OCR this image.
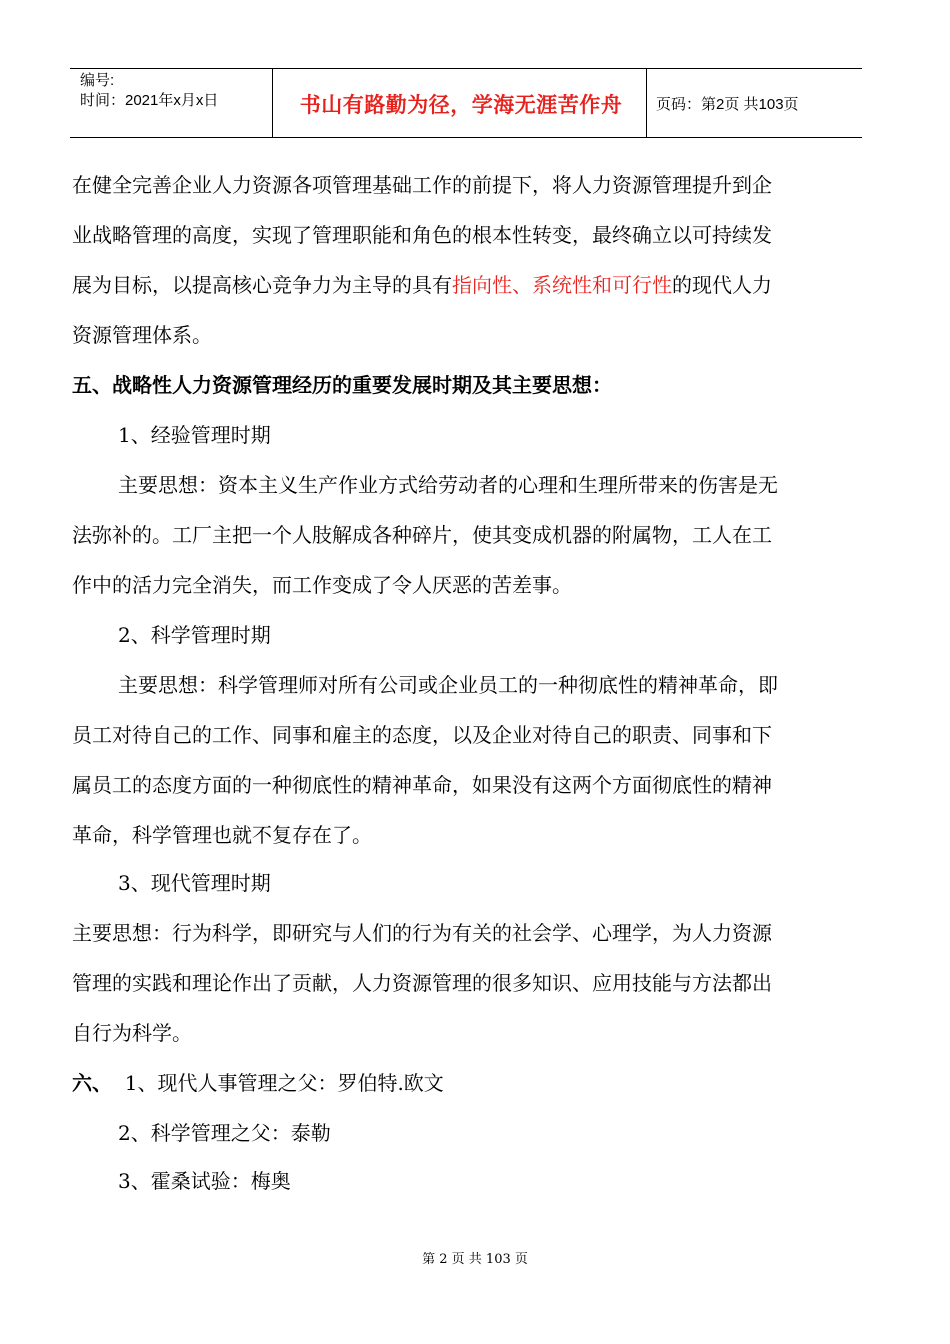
编号:
时间：2021年x月x日	书山有路勤为径，学海无涯苦作舟	页码：第2页 共103页
在健全完善企业人力资源各项管理基础工作的前提下，将人力资源管理提升到企
业战略管理的高度，实现了管理职能和角色的根本性转变，最终确立以可持续发
展为目标，以提高核心竞争力为主导的具有指向性、系统性和可行性的现代人力
资源管理体系。
五、战略性人力资源管理经历的重要发展时期及其主要思想：
1、经验管理时期
主要思想：资本主义生产作业方式给劳动者的心理和生理所带来的伤害是无
法弥补的。工厂主把一个人肢解成各种碎片，使其变成机器的附属物，工人在工
作中的活力完全消失，而工作变成了令人厌恶的苦差事。
2、科学管理时期
主要思想：科学管理师对所有公司或企业员工的一种彻底性的精神革命，即
员工对待自己的工作、同事和雇主的态度，以及企业对待自己的职责、同事和下
属员工的态度方面的一种彻底性的精神革命，如果没有这两个方面彻底性的精神
革命，科学管理也就不复存在了。
3、现代管理时期
主要思想：行为科学，即研究与人们的行为有关的社会学、心理学，为人力资源
管理的实践和理论作出了贡献，人力资源管理的很多知识、应用技能与方法都出
自行为科学。
六、 1、现代人事管理之父：罗伯特.欧文
2、科学管理之父：泰勒
3、霍桑试验：梅奥
第 2 页 共 103 页
